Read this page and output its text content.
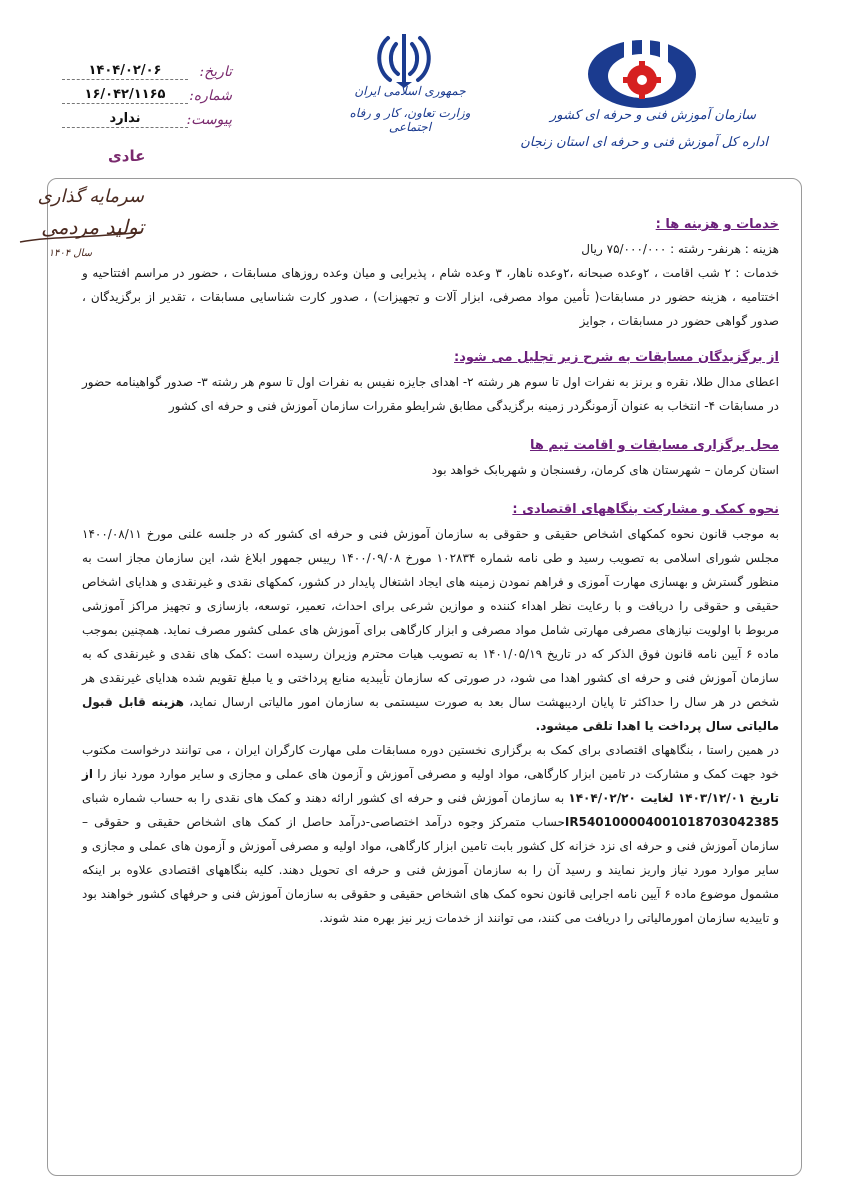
تاریخ:
۱۴۰۴/۰۲/۰۶
شماره:
۱۶/۰۴۲/۱۱۶۵
پیوست:
ندارد
عادی
جمهوری اسلامی ایران
وزارت تعاون، کار و رفاه اجتماعی
سازمان آموزش فنی و حرفه ای کشور
اداره کل آموزش فنی و حرفه ای استان زنجان
سرمایه گذاری
تولید مردمی
سال ۱۴۰۴

خدمات و هزینه ها :

هزینه : هرنفر- رشته : ۷۵/۰۰۰/۰۰۰ ریال

خدمات : ۲ شب اقامت ، ۲وعده صبحانه ،۲وعده ناهار، ۳ وعده شام ، پذیرایی و میان وعده روزهای مسابقات ، حضور در مراسم افتتاحیه و اختتامیه ، هزینه حضور در مسابقات( تأمین مواد مصرفی، ابزار آلات و تجهیزات) ، صدور کارت شناسایی مسابقات ، تقدیر از برگزیدگان ، صدور گواهی حضور در مسابقات ، جوایز

از برگزیدگان مسابقات به شرح زیر تجلیل می شود:

اعطای مدال طلا، نقره و برنز به نفرات اول تا سوم هر رشته ۲- اهدای جایزه نفیس به نفرات اول تا سوم هر رشته ۳- صدور گواهینامه حضور در مسابقات ۴- انتخاب به عنوان آزمونگردر زمینه برگزیدگی مطابق شرایطو مقررات سازمان آموزش فنی و حرفه ای کشور

محل برگزاری مسابقات و اقامت تیم ها

استان کرمان – شهرستان های کرمان، رفسنجان و شهربابک خواهد بود

نحوه کمک و مشارکت بنگاههای اقتصادی :

به موجب قانون نحوه کمکهای اشخاص حقیقی و حقوقی به سازمان آموزش فنی و حرفه ای کشور که در جلسه علنی مورخ ۱۴۰۰/۰۸/۱۱ مجلس شورای اسلامی به تصویب رسید و طی نامه شماره ۱۰۲۸۳۴ مورخ ۱۴۰۰/۰۹/۰۸ رییس جمهور ابلاغ شد، این سازمان مجاز است به منظور گسترش و بهسازی مهارت آموزی و فراهم نمودن زمینه های ایجاد اشتغال پایدار در کشور، کمکهای نقدی و غیرنقدی و هدایای اشخاص حقیقی و حقوقی را دریافت و با رعایت نظر اهداء کننده و موازین شرعی برای احداث، تعمیر، توسعه، بازسازی و تجهیز مراکز آموزشی مربوط با اولویت نیازهای مصرفی مهارتی شامل مواد مصرفی و ابزار کارگاهی برای آموزش های عملی کشور مصرف نماید. همچنین بموجب ماده ۶ آیین نامه قانون فوق الذکر که در تاریخ ۱۴۰۱/۰۵/۱۹ به تصویب هیات محترم وزیران رسیده است :کمک های نقدی و غیرنقدی که به سازمان آموزش فنی و حرفه ای کشور اهدا می شود، در صورتی که سازمان تأیبدیه منابع پرداختی و یا مبلغ تقویم شده هدایای غیرنقدی هر شخص در هر سال را حداکثر تا پایان اردیبهشت سال بعد به صورت سیستمی به سازمان امور مالیاتی ارسال نماید، هزینه قابل قبول مالیاتی سال پرداخت یا اهدا تلقی میشود.

در همین راستا ، بنگاههای اقتصادی برای کمک به برگزاری نخستین دوره مسابقات ملی مهارت کارگران ایران ، می توانند درخواست مکتوب خود جهت کمک و مشارکت در تامین ابزار کارگاهی، مواد اولیه و مصرفی آموزش و آزمون های عملی و مجازی و سایر موارد مورد نیاز را از تاریخ ۱۴۰۳/۱۲/۰۱ لغایت ۱۴۰۴/۰۲/۲۰ به سازمان آموزش فنی و حرفه ای کشور ارائه دهند و کمک های نقدی را به حساب شماره شبای IR540100004001018703042385حساب متمرکز وجوه درآمد اختصاصی-درآمد حاصل از کمک های اشخاص حقیقی و حقوقی – سازمان آموزش فنی و حرفه ای نزد خزانه کل کشور بابت تامین ابزار کارگاهی، مواد اولیه و مصرفی آموزش و آزمون های عملی و مجازی و سایر موارد مورد نیاز واریز نمایند و رسید آن را به سازمان آموزش فنی و حرفه ای تحویل دهند. کلیه بنگاههای اقتصادی علاوه بر اینکه مشمول موضوع ماده ۶ آیین نامه اجرایی قانون نحوه کمک های اشخاص حقیقی و حقوقی به سازمان آموزش فنی و حرفهای کشور خواهند بود و تاییدیه سازمان امورمالیاتی را دریافت می کنند، می توانند از خدمات زیر نیز بهره مند شوند.
